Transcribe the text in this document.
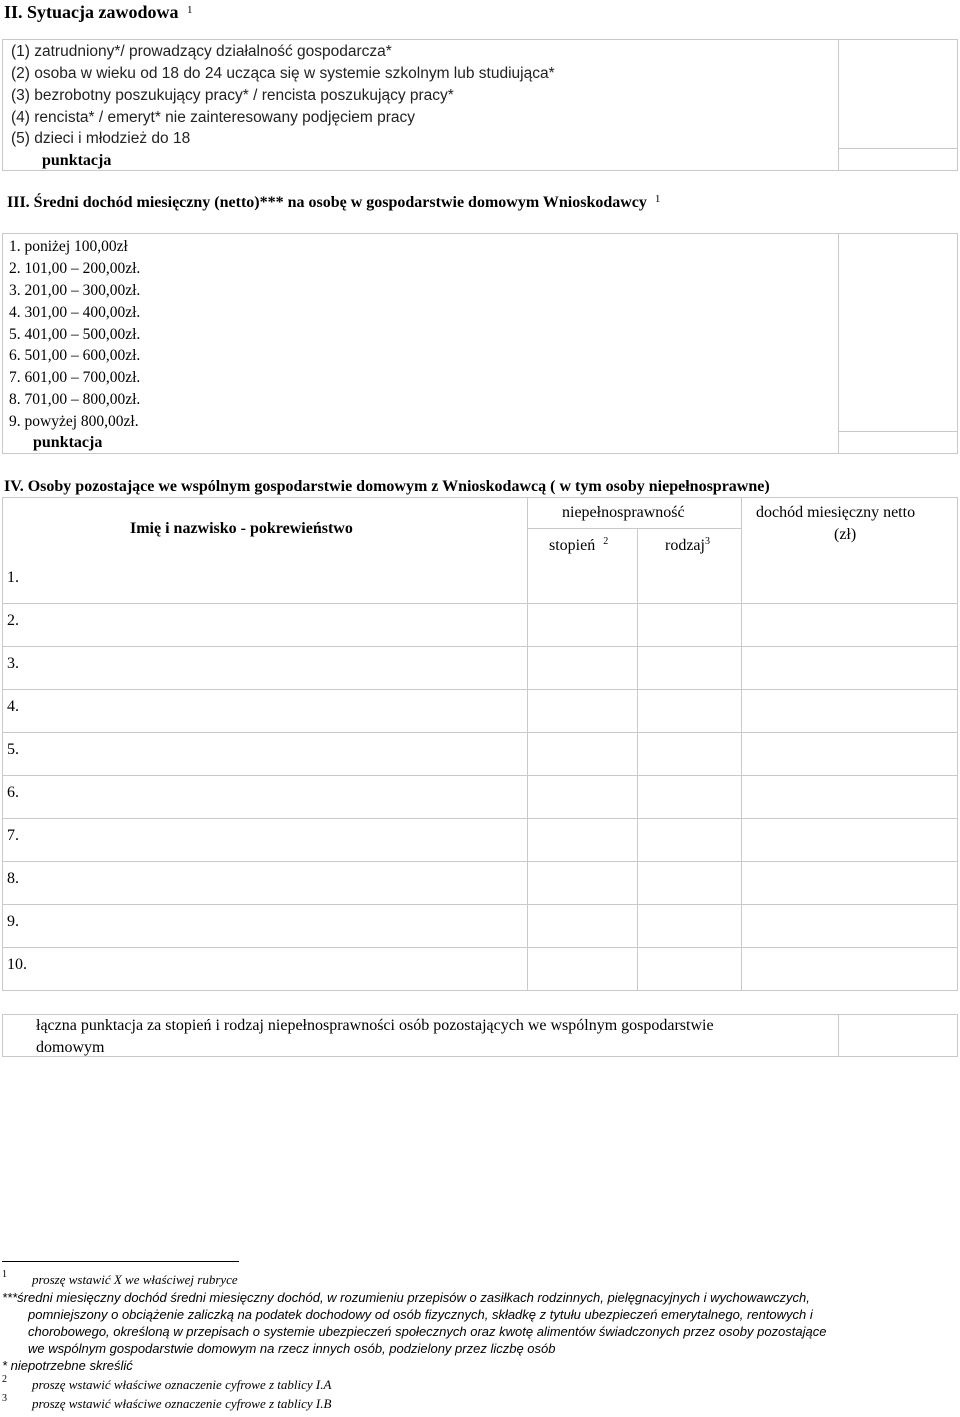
II. Sytuacja zawodowa $^1$
(1) zatrudniony*/ prowadzący działalność gospodarcza*
(2) osoba w wieku od 18 do 24 ucząca się w systemie szkolnym lub studiująca*
(3) bezrobotny poszukujący pracy* / rencista poszukujący pracy*
(4) rencista* / emeryt* nie zainteresowany podjęciem pracy
(5) dzieci i młodzież do 18
punktacja
III. Średni dochód miesięczny (netto)*** na osobę w gospodarstwie domowym Wnioskodawcy $^1$
1. poniżej 100,00zł
2. 101,00 – 200,00zł.
3. 201,00 – 300,00zł.
4. 301,00 – 400,00zł.
5. 401,00 – 500,00zł.
6. 501,00 – 600,00zł.
7. 601,00 – 700,00zł.
8. 701,00 – 800,00zł.
9. powyżej 800,00zł.
punktacja
IV. Osoby pozostające we wspólnym gospodarstwie domowym z Wnioskodawcą ( w tym osoby niepełnosprawne)
Imię i nazwisko - pokrewieństwo
niepełnosprawność
stopień $^2$	rodzaj$^3$
dochód miesięczny netto
(zł)
1.
2.
3.
4.
5.
6.
7.
8.
9.
10.
łączna punktacja za stopień i rodzaj niepełnosprawności osób pozostających we wspólnym gospodarstwie
domowym
1 proszę wstawić X we właściwej rubryce
***średni miesięczny dochód średni miesięczny dochód, w rozumieniu przepisów o zasiłkach rodzinnych, pielęgnacyjnych i wychowawczych,
pomniejszony o obciążenie zaliczką na podatek dochodowy od osób fizycznych, składkę z tytułu ubezpieczeń emerytalnego, rentowych i
chorobowego, określoną w przepisach o systemie ubezpieczeń społecznych oraz kwotę alimentów świadczonych przez osoby pozostające
we wspólnym gospodarstwie domowym na rzecz innych osób, podzielony przez liczbę osób
* niepotrzebne skreślić
2 proszę wstawić właściwe oznaczenie cyfrowe z tablicy I.A
3 proszę wstawić właściwe oznaczenie cyfrowe z tablicy I.B
